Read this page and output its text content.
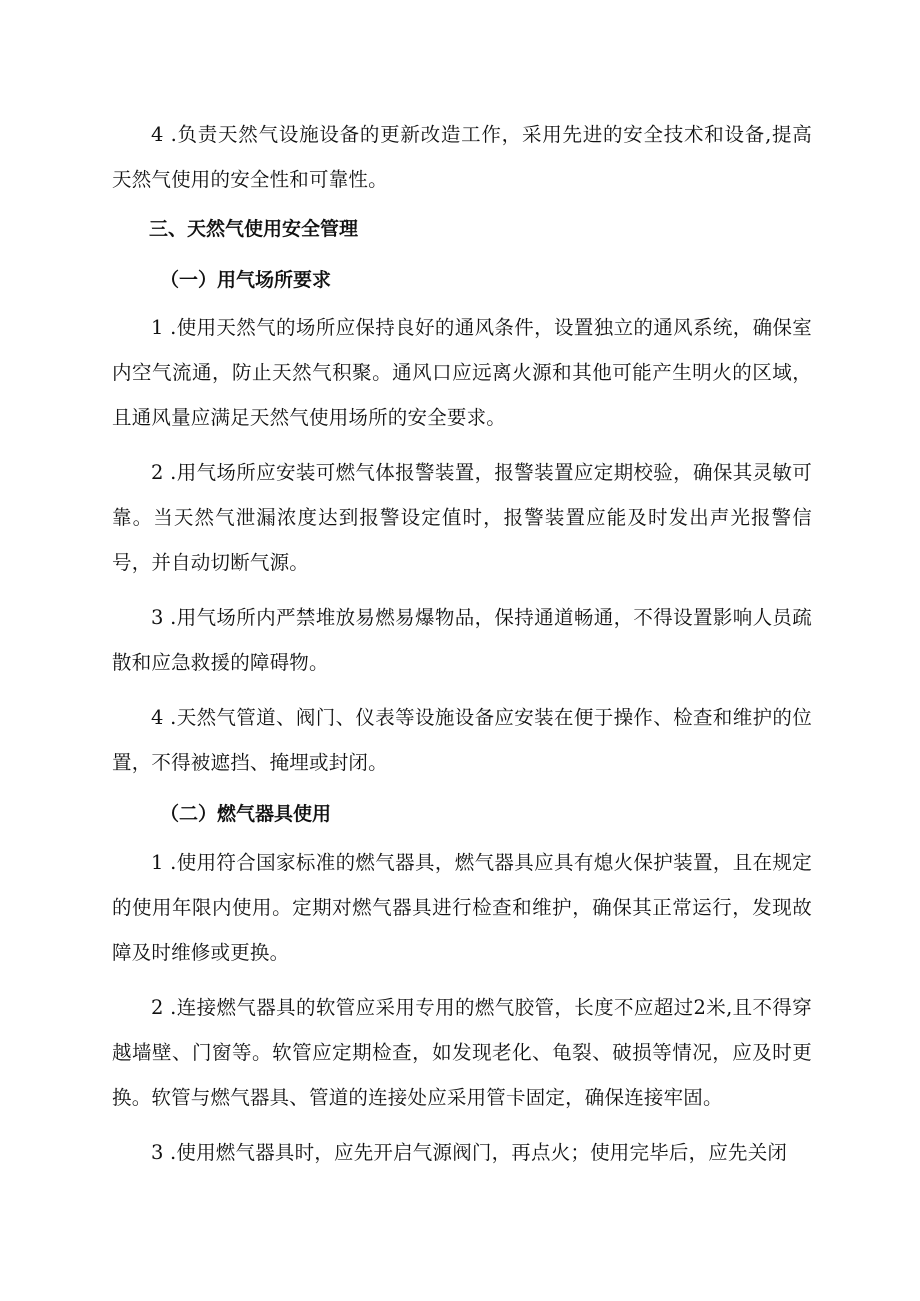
4 .负责天然气设施设备的更新改造工作，采用先进的安全技术和设备,提高天然气使用的安全性和可靠性。

三、天然气使用安全管理
（一）用气场所要求

1 .使用天然气的场所应保持良好的通风条件，设置独立的通风系统，确保室内空气流通，防止天然气积聚。通风口应远离火源和其他可能产生明火的区域，且通风量应满足天然气使用场所的安全要求。

2 .用气场所应安装可燃气体报警装置，报警装置应定期校验，确保其灵敏可靠。当天然气泄漏浓度达到报警设定值时，报警装置应能及时发出声光报警信号，并自动切断气源。

3 .用气场所内严禁堆放易燃易爆物品，保持通道畅通，不得设置影响人员疏散和应急救援的障碍物。

4 .天然气管道、阀门、仪表等设施设备应安装在便于操作、检查和维护的位置，不得被遮挡、掩埋或封闭。

（二）燃气器具使用

1 .使用符合国家标准的燃气器具，燃气器具应具有熄火保护装置，且在规定的使用年限内使用。定期对燃气器具进行检查和维护，确保其正常运行，发现故障及时维修或更换。

2 .连接燃气器具的软管应采用专用的燃气胶管，长度不应超过2米,且不得穿越墙壁、门窗等。软管应定期检查，如发现老化、龟裂、破损等情况，应及时更换。软管与燃气器具、管道的连接处应采用管卡固定，确保连接牢固。

3 .使用燃气器具时，应先开启气源阀门，再点火；使用完毕后，应先关闭
